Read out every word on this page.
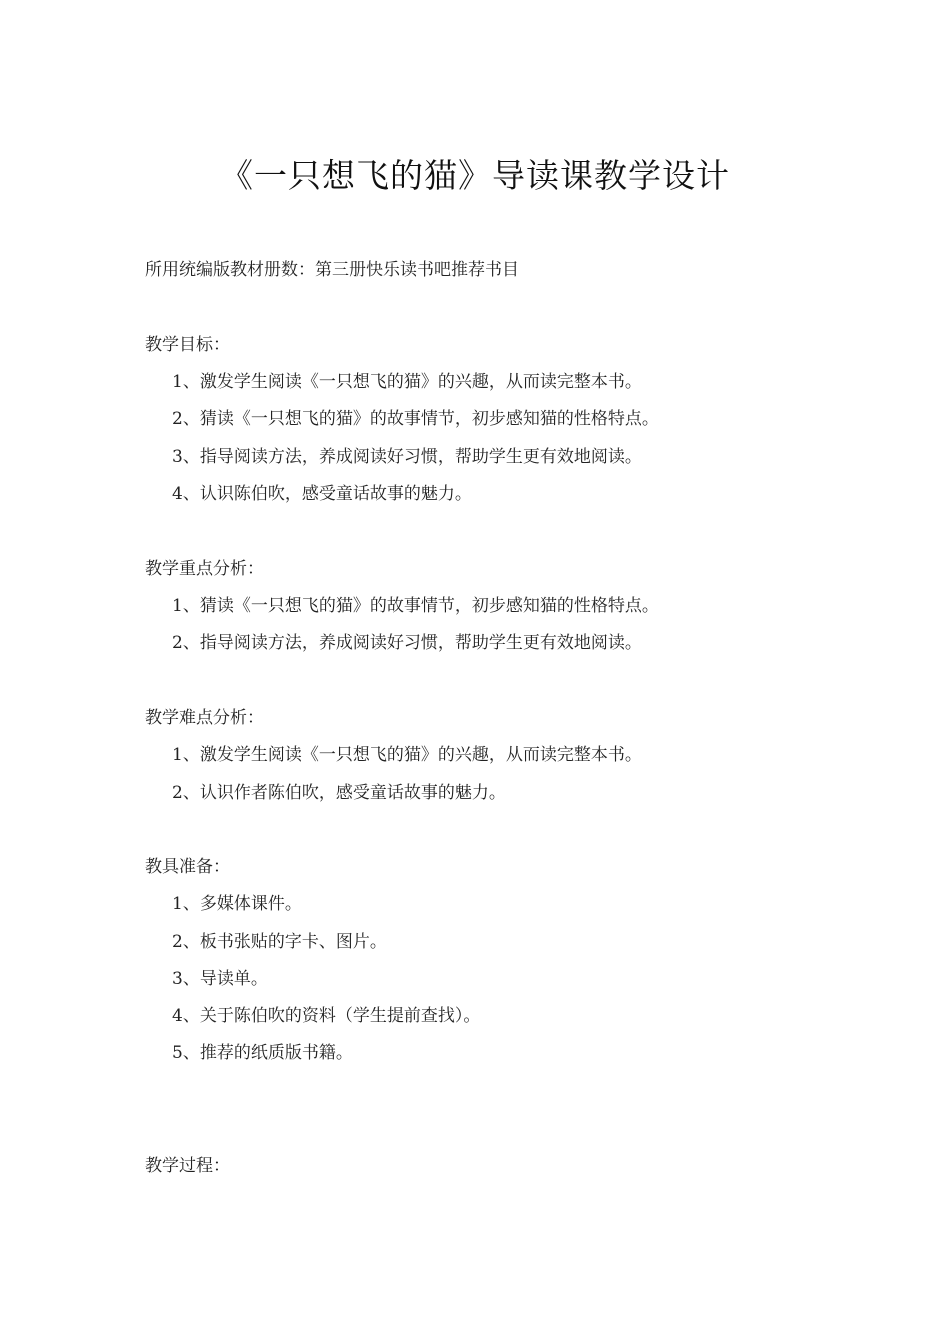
《一只想飞的猫》导读课教学设计
所用统编版教材册数：第三册快乐读书吧推荐书目
教学目标：
1、激发学生阅读《一只想飞的猫》的兴趣，从而读完整本书。
2、猜读《一只想飞的猫》的故事情节，初步感知猫的性格特点。
3、指导阅读方法，养成阅读好习惯，帮助学生更有效地阅读。
4、认识陈伯吹，感受童话故事的魅力。
教学重点分析：
1、猜读《一只想飞的猫》的故事情节，初步感知猫的性格特点。
2、指导阅读方法，养成阅读好习惯，帮助学生更有效地阅读。
教学难点分析：
1、激发学生阅读《一只想飞的猫》的兴趣，从而读完整本书。
2、认识作者陈伯吹，感受童话故事的魅力。
教具准备：
1、多媒体课件。
2、板书张贴的字卡、图片。
3、导读单。
4、关于陈伯吹的资料（学生提前查找）。
5、推荐的纸质版书籍。
教学过程：
